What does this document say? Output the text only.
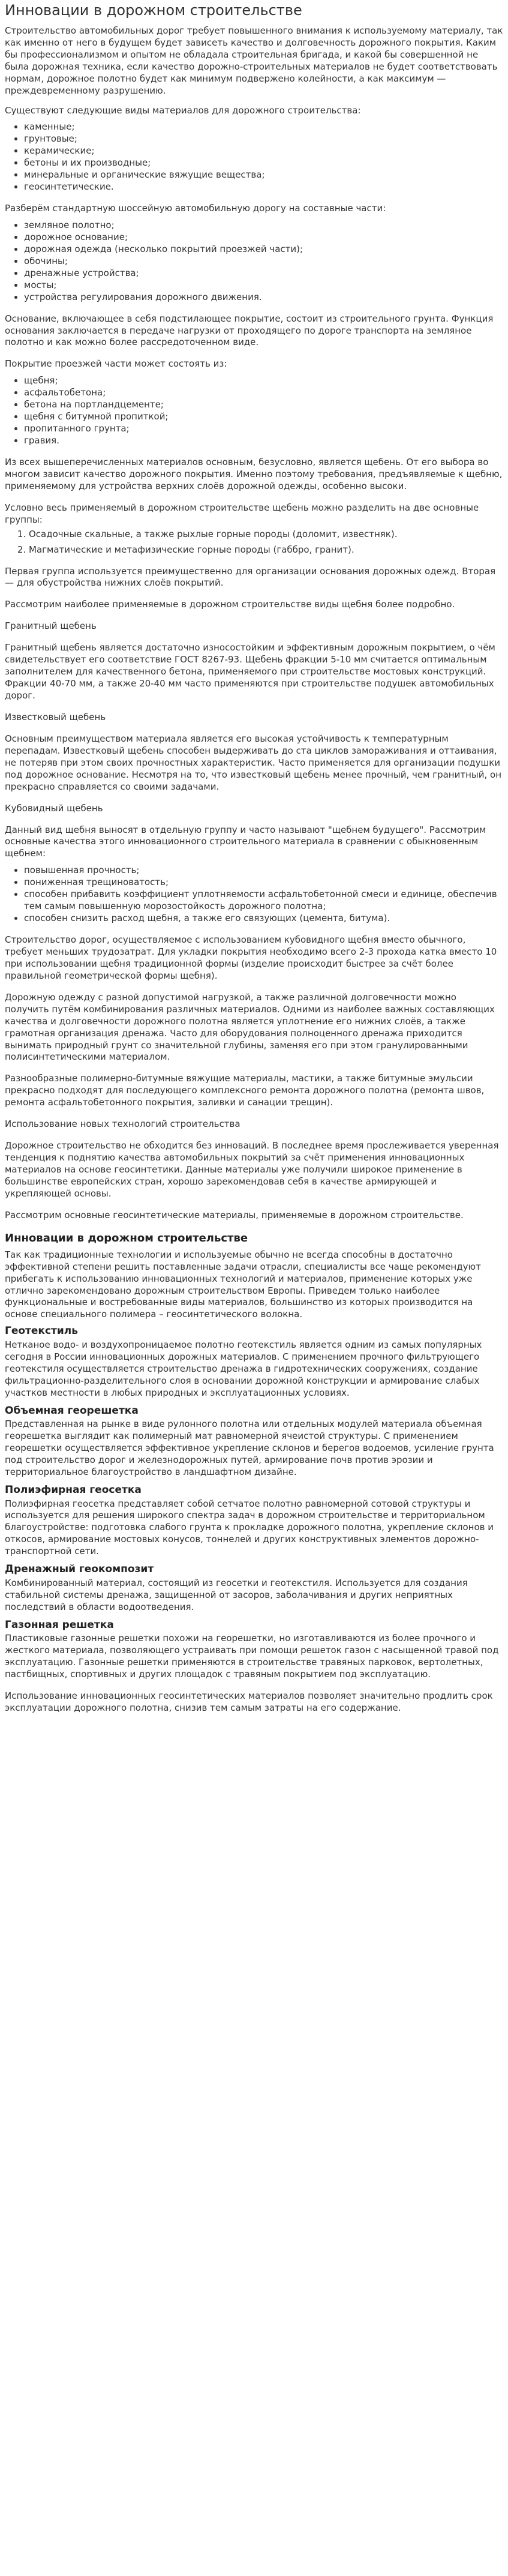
Инновации в дорожном строительстве

Строительство автомобильных дорог требует повышенного внимания к используемому материалу, так как именно от него в будущем будет зависеть качество и долговечность дорожного покрытия. Каким бы профессионализмом и опытом не обладала строительная бригада, и какой бы совершенной не была дорожная техника, если качество дорожно-строительных материалов не будет соответствовать нормам, дорожное полотно будет как минимум подвержено колейности, а как максимум — преждевременному разрушению.

Существуют следующие виды материалов для дорожного строительства:

• каменные;
• грунтовые;
• керамические;
• бетоны и их производные;
• минеральные и органические вяжущие вещества;
• геосинтетические.

Разберём стандартную шоссейную автомобильную дорогу на составные части:

• земляное полотно;
• дорожное основание;
• дорожная одежда (несколько покрытий проезжей части);
• обочины;
• дренажные устройства;
• мосты;
• устройства регулирования дорожного движения.

Основание, включающее в себя подстилающее покрытие, состоит из строительного грунта. Функция основания заключается в передаче нагрузки от проходящего по дороге транспорта на земляное полотно и как можно более рассредоточенном виде.

Покрытие проезжей части может состоять из:

• щебня;
• асфальтобетона;
• бетона на портландцементе;
• щебня с битумной пропиткой;
• пропитанного грунта;
• гравия.

Из всех вышеперечисленных материалов основным, безусловно, является щебень. От его выбора во многом зависит качество дорожного покрытия. Именно поэтому требования, предъявляемые к щебню, применяемому для устройства верхних слоёв дорожной одежды, особенно высоки.

Условно весь применяемый в дорожном строительстве щебень можно разделить на две основные группы:

1. Осадочные скальные, а также рыхлые горные породы (доломит, известняк).
2. Магматические и метафизические горные породы (габбро, гранит).

Первая группа используется преимущественно для организации основания дорожных одежд. Вторая — для обустройства нижних слоёв покрытий.

Рассмотрим наиболее применяемые в дорожном строительстве виды щебня более подробно.

Гранитный щебень

Гранитный щебень является достаточно износостойким и эффективным дорожным покрытием, о чём свидетельствует его соответствие ГОСТ 8267-93. Щебень фракции 5-10 мм считается оптимальным заполнителем для качественного бетона, применяемого при строительстве мостовых конструкций. Фракции 40-70 мм, а также 20-40 мм часто применяются при строительстве подушек автомобильных дорог.

Известковый щебень

Основным преимуществом материала является его высокая устойчивость к температурным перепадам. Известковый щебень способен выдерживать до ста циклов замораживания и оттаивания, не потеряв при этом своих прочностных характеристик. Часто применяется для организации подушки под дорожное основание. Несмотря на то, что известковый щебень менее прочный, чем гранитный, он прекрасно справляется со своими задачами.

Кубовидный щебень

Данный вид щебня выносят в отдельную группу и часто называют "щебнем будущего". Рассмотрим основные качества этого инновационного строительного материала в сравнении с обыкновенным щебнем:

• повышенная прочность;
• пониженная трещиноватость;
• способен прибавить коэффициент уплотняемости асфальтобетонной смеси и единице, обеспечив тем самым повышенную морозостойкость дорожного полотна;
• способен снизить расход щебня, а также его связующих (цемента, битума).

Строительство дорог, осуществляемое с использованием кубовидного щебня вместо обычного, требует меньших трудозатрат. Для укладки покрытия необходимо всего 2-3 прохода катка вместо 10 при использовании щебня традиционной формы (изделие происходит быстрее за счёт более правильной геометрической формы щебня).

Дорожную одежду с разной допустимой нагрузкой, а также различной долговечности можно получить путём комбинирования различных материалов. Одними из наиболее важных составляющих качества и долговечности дорожного полотна является уплотнение его нижних слоёв, а также грамотная организация дренажа. Часто для оборудования полноценного дренажа приходится вынимать природный грунт со значительной глубины, заменяя его при этом гранулированными полисинтетическими материалом.

Разнообразные полимерно-битумные вяжущие материалы, мастики, а также битумные эмульсии прекрасно подходят для последующего комплексного ремонта дорожного полотна (ремонта швов, ремонта асфальтобетонного покрытия, заливки и санации трещин).

Использование новых технологий строительства

Дорожное строительство не обходится без инноваций. В последнее время прослеживается уверенная тенденция к поднятию качества автомобильных покрытий за счёт применения инновационных материалов на основе геосинтетики. Данные материалы уже получили широкое применение в большинстве европейских стран, хорошо зарекомендовав себя в качестве армирующей и укрепляющей основы.

Рассмотрим основные геосинтетические материалы, применяемые в дорожном строительстве.

Инновации в дорожном строительстве

Так как традиционные технологии и используемые обычно не всегда способны в достаточно эффективной степени решить поставленные задачи отрасли, специалисты все чаще рекомендуют прибегать к использованию инновационных технологий и материалов, применение которых уже отлично зарекомендовано дорожным строительством Европы. Приведем только наиболее функциональные и востребованные виды материалов, большинство из которых производится на основе специального полимера – геосинтетического волокна.

Геотекстиль

Нетканое водо- и воздухопроницаемое полотно геотекстиль является одним из самых популярных сегодня в России инновационных дорожных материалов. С применением прочного фильтрующего геотекстиля осуществляется строительство дренажа в гидротехнических сооружениях, создание фильтрационно-разделительного слоя в основании дорожной конструкции и армирование слабых участков местности в любых природных и эксплуатационных условиях.

Объемная георешетка

Представленная на рынке в виде рулонного полотна или отдельных модулей материала объемная георешетка выглядит как полимерный мат равномерной ячеистой структуры. С применением георешетки осуществляется эффективное укрепление склонов и берегов водоемов, усиление грунта под строительство дорог и железнодорожных путей, армирование почв против эрозии и территориальное благоустройство в ландшафтном дизайне.

Полиэфирная геосетка

Полиэфирная геосетка представляет собой сетчатое полотно равномерной сотовой структуры и используется для решения широкого спектра задач в дорожном строительстве и территориальном благоустройстве: подготовка слабого грунта к прокладке дорожного полотна, укрепление склонов и откосов, армирование мостовых конусов, тоннелей и других конструктивных элементов дорожно-транспортной сети.

Дренажный геокомпозит

Комбинированный материал, состоящий из геосетки и геотекстиля. Используется для создания стабильной системы дренажа, защищенной от засоров, заболачивания и других неприятных последствий в области водоотведения.

Газонная решетка

Пластиковые газонные решетки похожи на георешетки, но изготавливаются из более прочного и жесткого материала, позволяющего устраивать при помощи решеток газон с насыщенной травой под эксплуатацию. Газонные решетки применяются в строительстве травяных парковок, вертолетных, пастбищных, спортивных и других площадок с травяным покрытием под эксплуатацию.

Использование инновационных геосинтетических материалов позволяет значительно продлить срок эксплуатации дорожного полотна, снизив тем самым затраты на его содержание.
